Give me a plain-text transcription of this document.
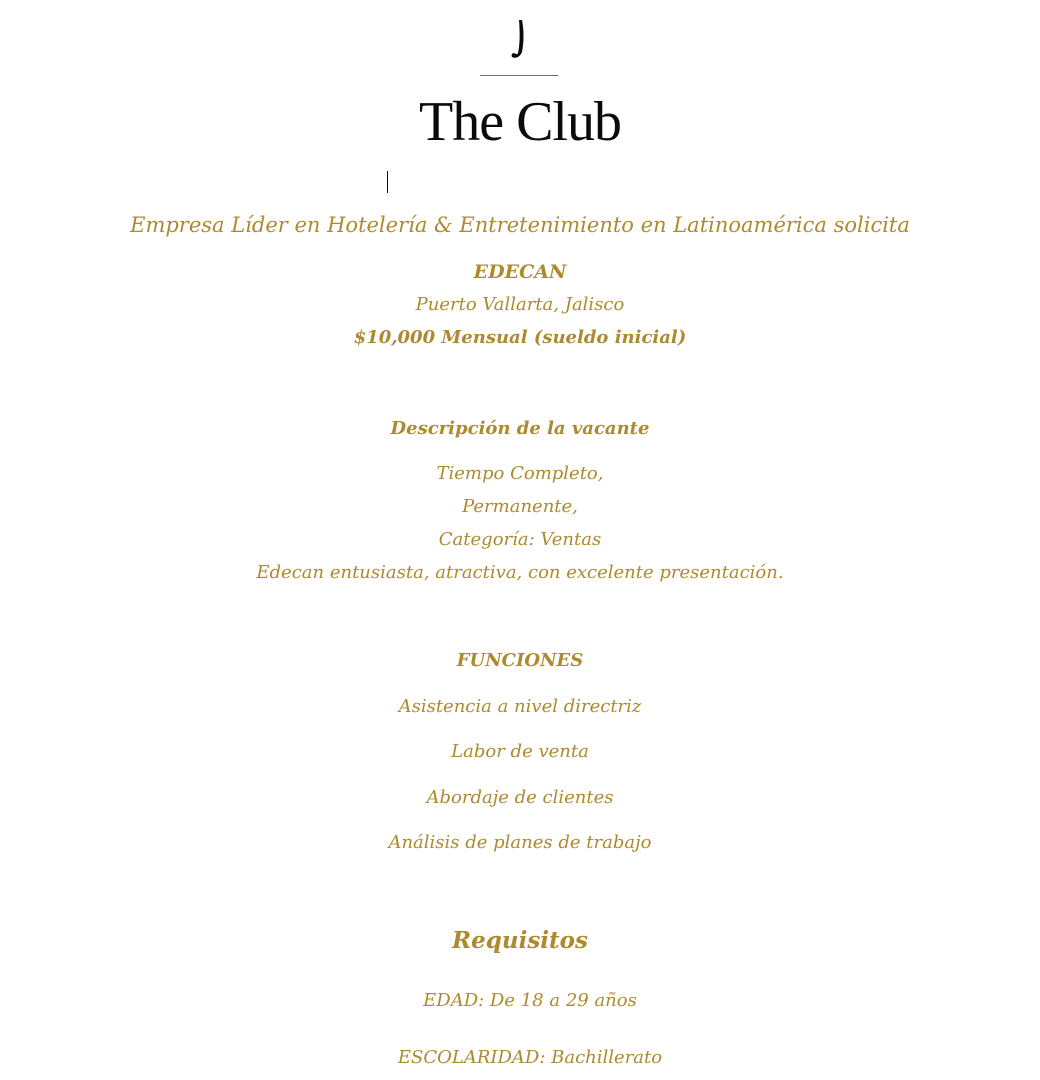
The Club

Empresa Líder en Hotelería & Entretenimiento en Latinoamérica solicita

EDECAN

Puerto Vallarta, Jalisco

$10,000 Mensual (sueldo inicial)

Descripción de la vacante

Tiempo Completo,

Permanente,

Categoría: Ventas

Edecan entusiasta, atractiva, con excelente presentación.

FUNCIONES

Asistencia a nivel directriz

Labor de venta

Abordaje de clientes

Análisis de planes de trabajo

Requisitos

EDAD: De 18 a 29 años

ESCOLARIDAD: Bachillerato
